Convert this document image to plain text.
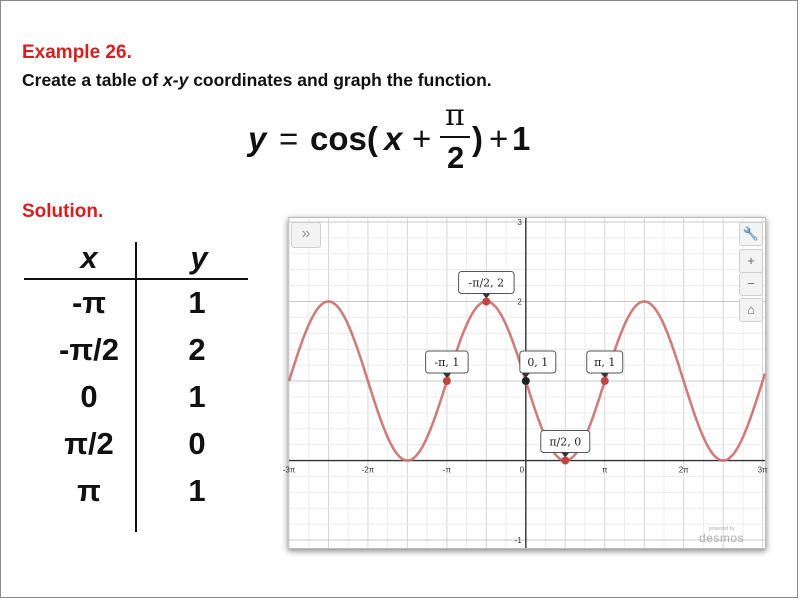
Example 26.
Create a table of x-y coordinates and graph the function.
y = cos( x +
π
2
) + 1
Solution.
x	y
-π	1
-π/2	2
0	1
π/2	0
π	1
-3π	-2π	-π	0	π	2π	3π
3
2
-1
-π, 1
-π/2, 2
0, 1
π/2, 0
π, 1
»	🔧
+
−
⌂
powered by
desmos
